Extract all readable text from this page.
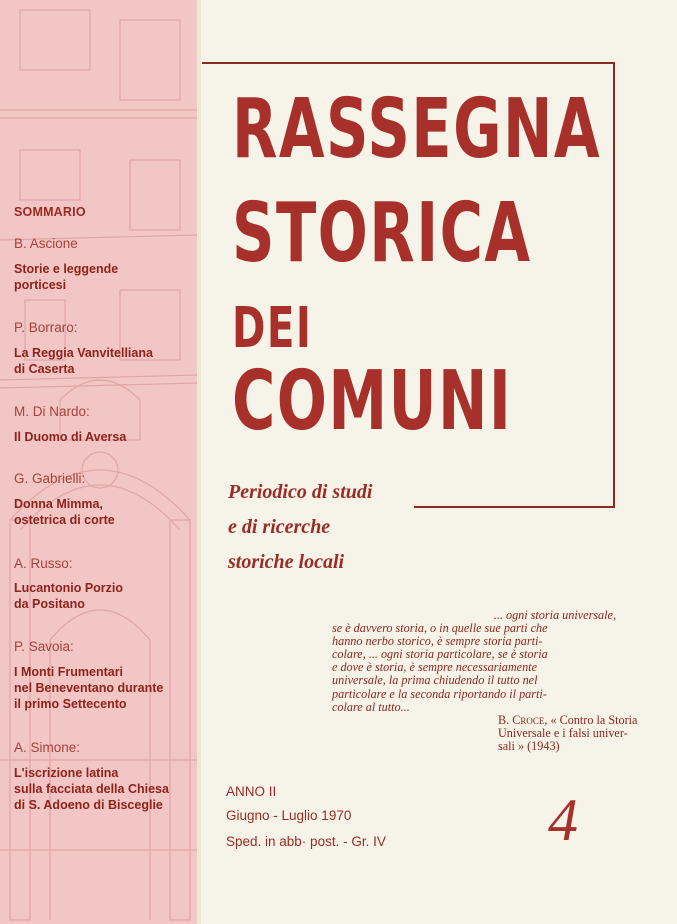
SOMMARIO
B. Ascione
Storie e leggende
porticesi
P. Borraro:
La Reggia Vanvitelliana
di Caserta
M. Di Nardo:
Il Duomo di Aversa
G. Gabrielli:
Donna Mimma,
ostetrica di corte
A. Russo:
Lucantonio Porzio
da Positano
P. Savoia:
I Monti Frumentari
nel Beneventano durante
il primo Settecento
A. Simone:
L'iscrizione latina
sulla facciata della Chiesa
di S. Adoeno di Bisceglie
RASSEGNA
STORICA
DEI
COMUNI
Periodico di studi
e di ricerche
storiche locali
... ogni storia universale,
se è davvero storia, o in quelle sue parti che
hanno nerbo storico, è sempre storia parti-
colare, ... ogni storia particolare, se è storia
e dove è storia, è sempre necessariamente
universale, la prima chiudendo il tutto nel
particolare e la seconda riportando il parti-
colare al tutto...
B. Croce, « Contro la Storia
Universale e i falsi univer-
sali » (1943)
ANNO II
Giugno - Luglio 1970
Sped. in abb· post. - Gr. IV	4
